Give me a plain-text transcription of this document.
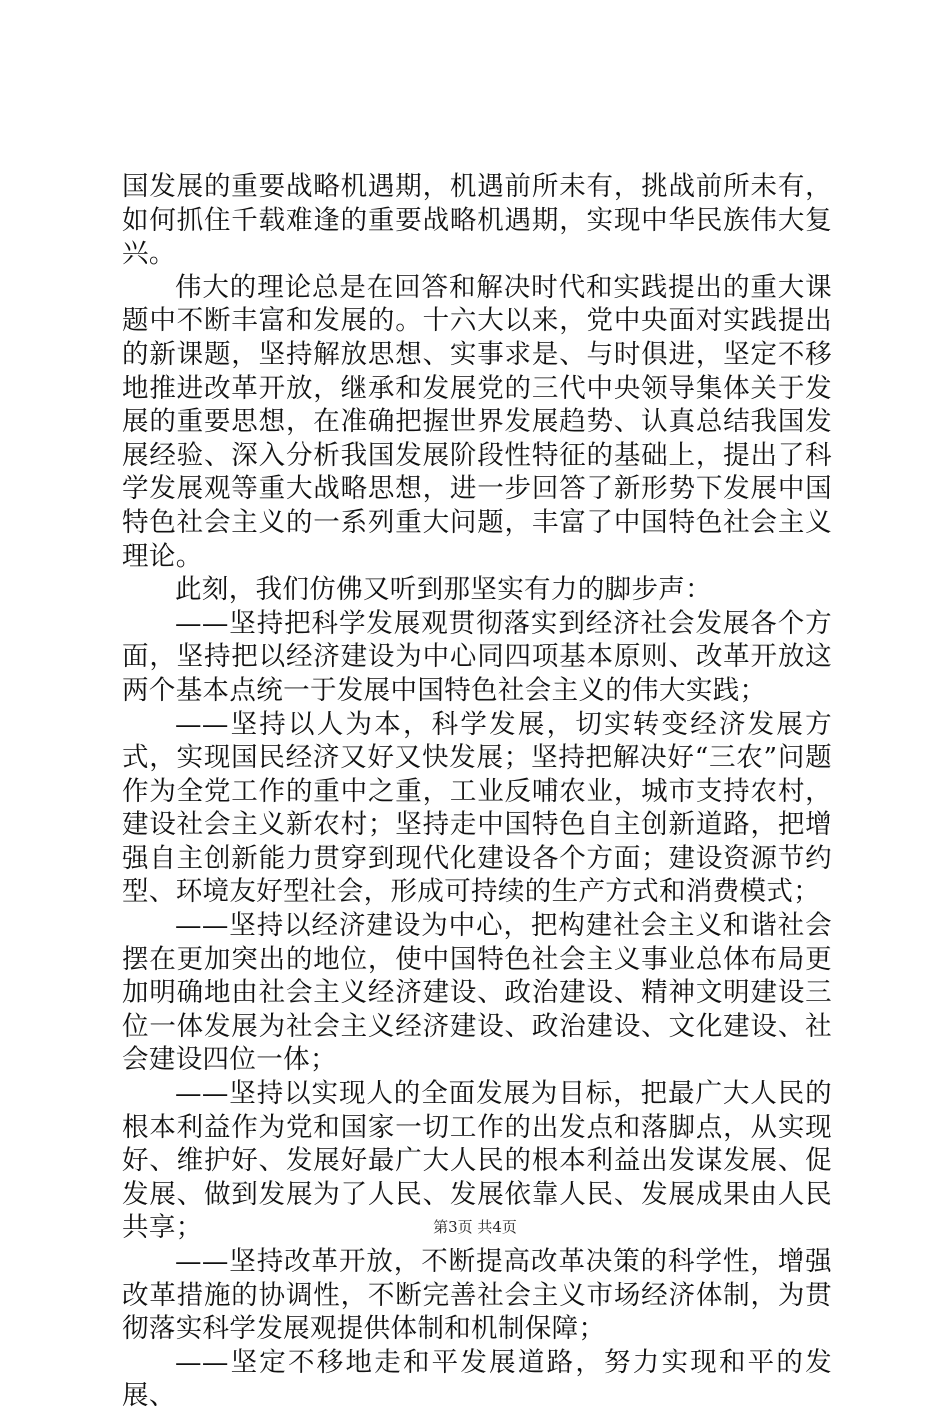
国发展的重要战略机遇期，机遇前所未有，挑战前所未有，如何抓住千载难逢的重要战略机遇期，实现中华民族伟大复兴。

伟大的理论总是在回答和解决时代和实践提出的重大课题中不断丰富和发展的。十六大以来，党中央面对实践提出的新课题，坚持解放思想、实事求是、与时俱进，坚定不移地推进改革开放，继承和发展党的三代中央领导集体关于发展的重要思想，在准确把握世界发展趋势、认真总结我国发展经验、深入分析我国发展阶段性特征的基础上，提出了科学发展观等重大战略思想，进一步回答了新形势下发展中国特色社会主义的一系列重大问题，丰富了中国特色社会主义理论。

此刻，我们仿佛又听到那坚实有力的脚步声：

——坚持把科学发展观贯彻落实到经济社会发展各个方面，坚持把以经济建设为中心同四项基本原则、改革开放这两个基本点统一于发展中国特色社会主义的伟大实践；

——坚持以人为本，科学发展，切实转变经济发展方式，实现国民经济又好又快发展；坚持把解决好“三农”问题作为全党工作的重中之重，工业反哺农业，城市支持农村，建设社会主义新农村；坚持走中国特色自主创新道路，把增强自主创新能力贯穿到现代化建设各个方面；建设资源节约型、环境友好型社会，形成可持续的生产方式和消费模式；

——坚持以经济建设为中心，把构建社会主义和谐社会摆在更加突出的地位，使中国特色社会主义事业总体布局更加明确地由社会主义经济建设、政治建设、精神文明建设三位一体发展为社会主义经济建设、政治建设、文化建设、社会建设四位一体；

——坚持以实现人的全面发展为目标，把最广大人民的根本利益作为党和国家一切工作的出发点和落脚点，从实现好、维护好、发展好最广大人民的根本利益出发谋发展、促发展、做到发展为了人民、发展依靠人民、发展成果由人民共享；

——坚持改革开放，不断提高改革决策的科学性，增强改革措施的协调性，不断完善社会主义市场经济体制，为贯彻落实科学发展观提供体制和机制保障；

——坚定不移地走和平发展道路，努力实现和平的发展、

第3页 共4页
